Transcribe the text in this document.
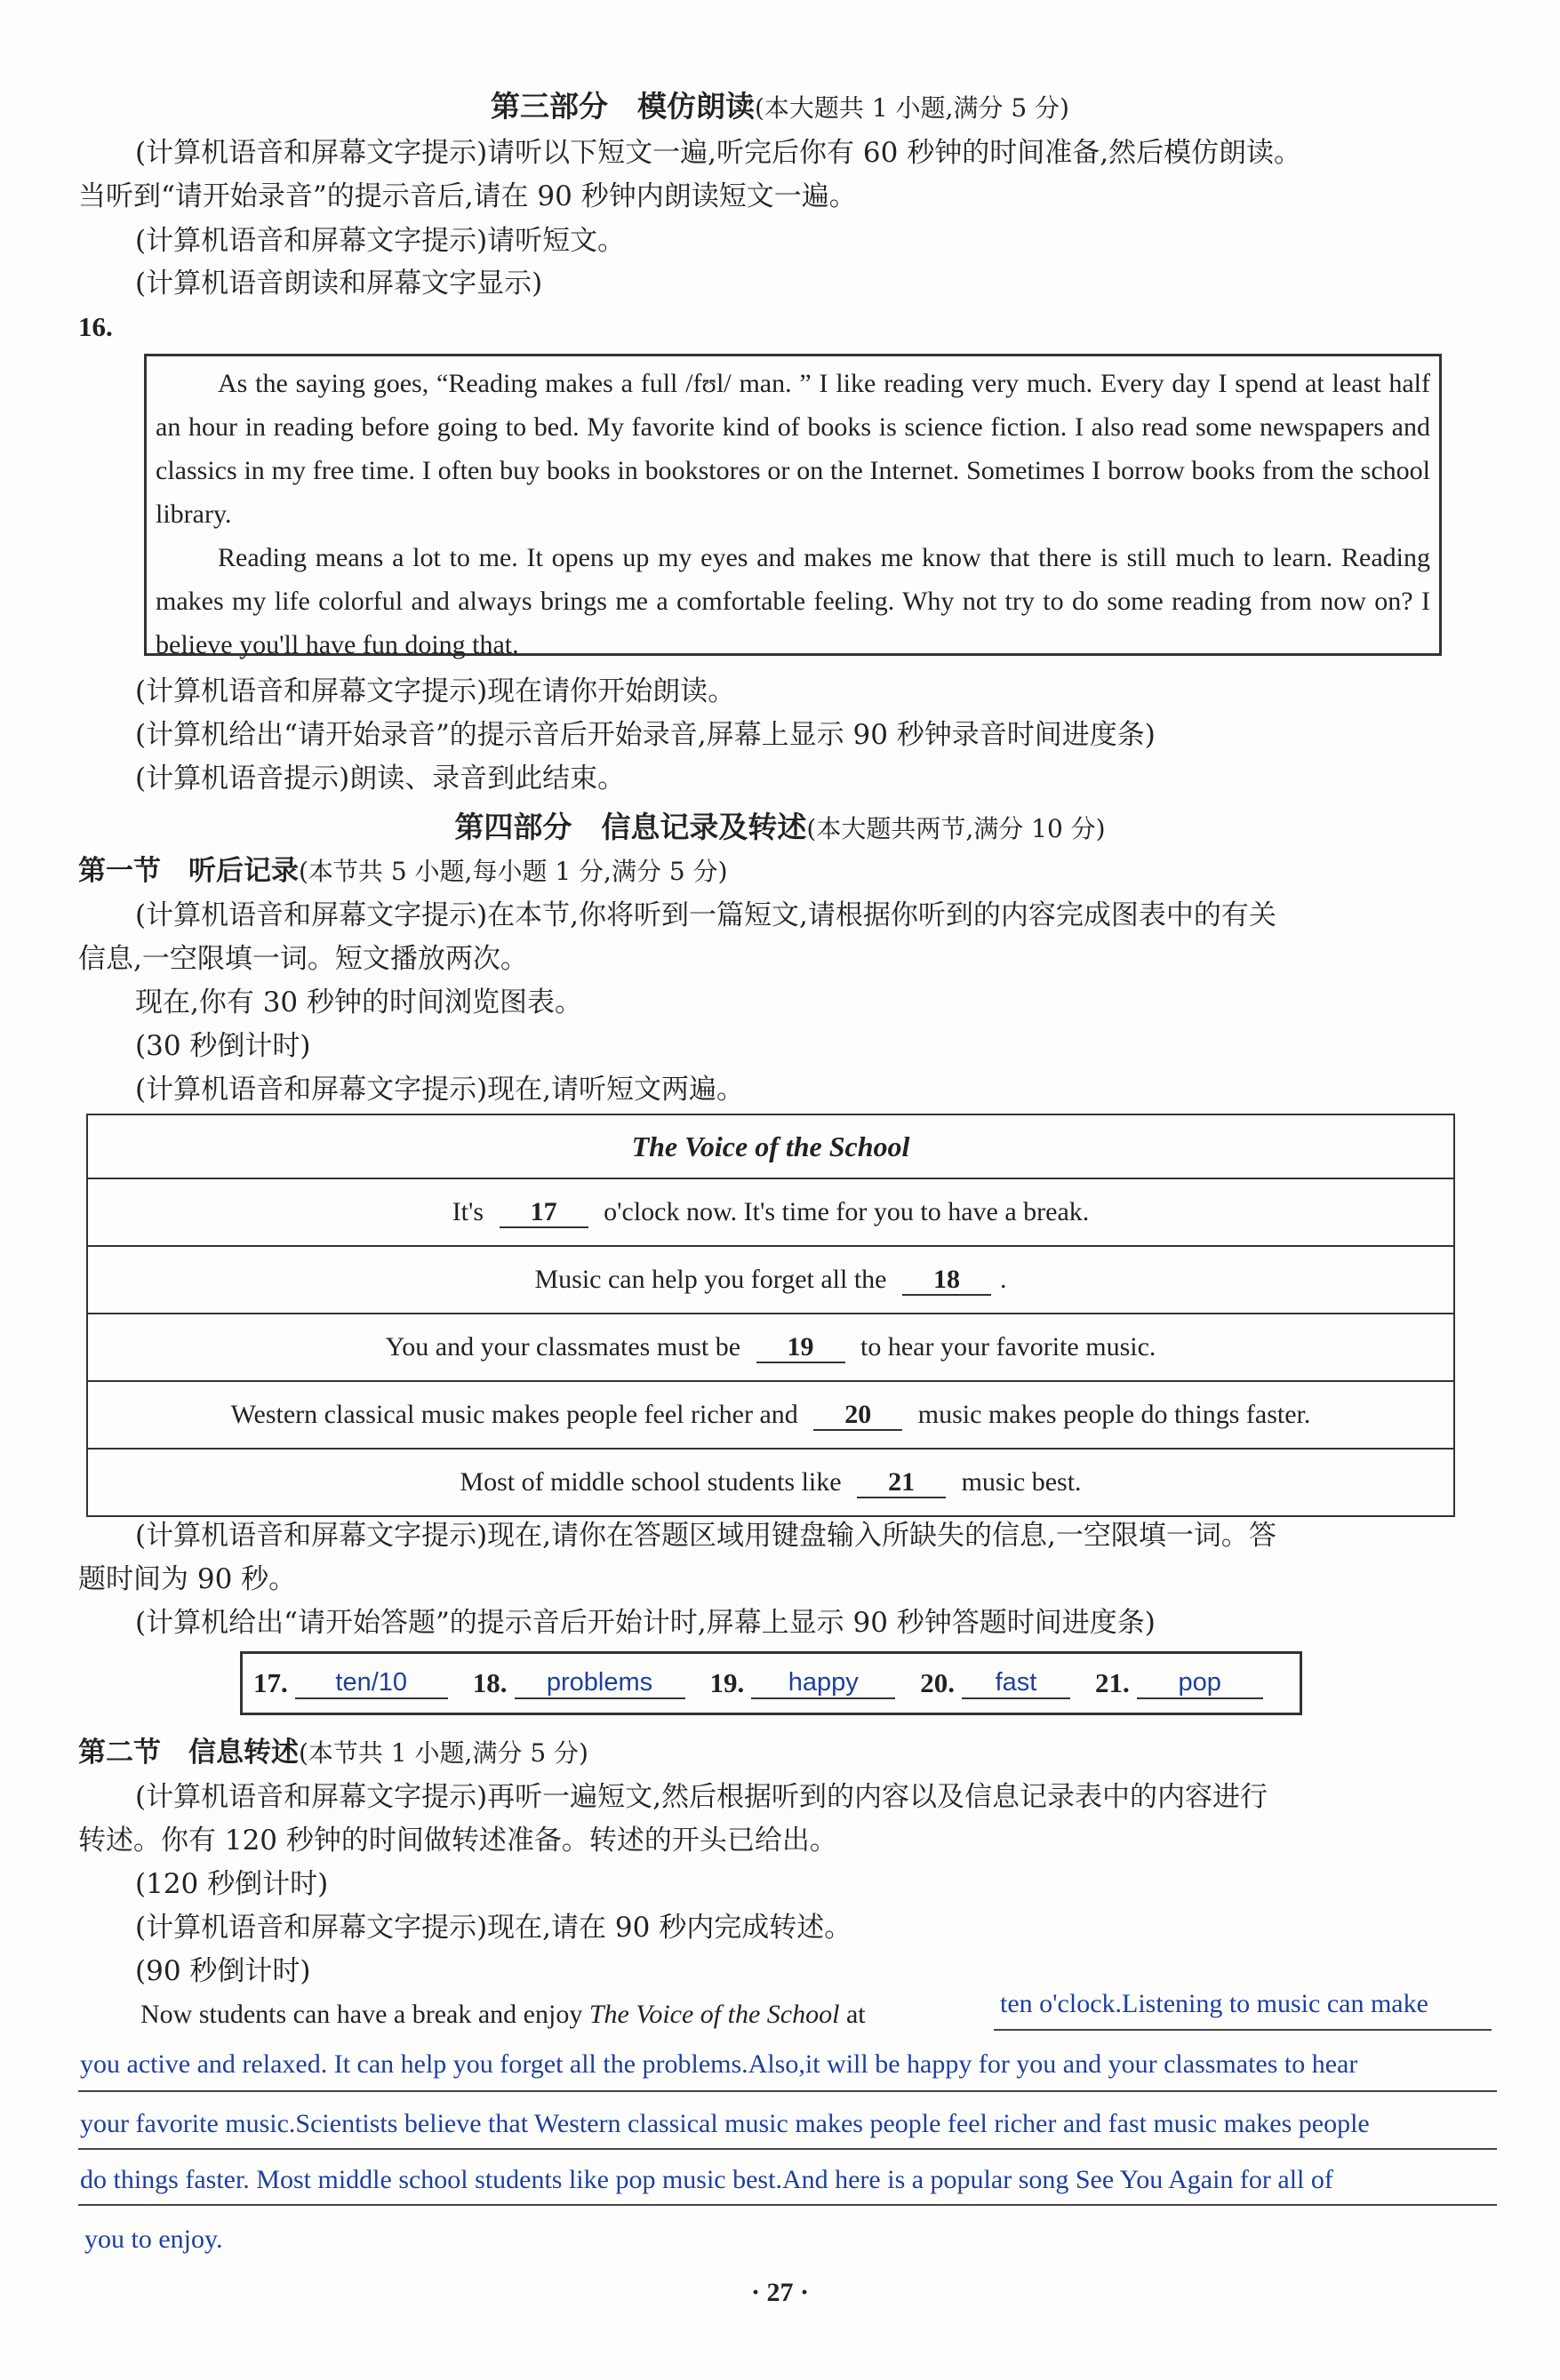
第三部分　模仿朗读(本大题共 1 小题,满分 5 分)
(计算机语音和屏幕文字提示)请听以下短文一遍,听完后你有 60 秒钟的时间准备,然后模仿朗读。
当听到“请开始录音”的提示音后,请在 90 秒钟内朗读短文一遍。
(计算机语音和屏幕文字提示)请听短文。
(计算机语音朗读和屏幕文字显示)
16.

As the saying goes, “Reading makes a full /fʊl/ man. ” I like reading very much. Every day I spend at least half an hour in reading before going to bed. My favorite kind of books is science fiction. I also read some newspapers and classics in my free time. I often buy books in bookstores or on the Internet. Sometimes I borrow books from the school library.

Reading means a lot to me. It opens up my eyes and makes me know that there is still much to learn. Reading makes my life colorful and always brings me a comfortable feeling. Why not try to do some reading from now on? I believe you'll have fun doing that.

(计算机语音和屏幕文字提示)现在请你开始朗读。
(计算机给出“请开始录音”的提示音后开始录音,屏幕上显示 90 秒钟录音时间进度条)
(计算机语音提示)朗读、录音到此结束。
第四部分　信息记录及转述(本大题共两节,满分 10 分)
第一节　听后记录(本节共 5 小题,每小题 1 分,满分 5 分)
(计算机语音和屏幕文字提示)在本节,你将听到一篇短文,请根据你听到的内容完成图表中的有关
信息,一空限填一词。短文播放两次。
现在,你有 30 秒钟的时间浏览图表。
(30 秒倒计时)
(计算机语音和屏幕文字提示)现在,请听短文两遍。
The Voice of the School
It's 17 o'clock now. It's time for you to have a break.
Music can help you forget all the 18 .
You and your classmates must be 19 to hear your favorite music.
Western classical music makes people feel richer and 20 music makes people do things faster.
Most of middle school students like 21 music best.
(计算机语音和屏幕文字提示)现在,请你在答题区域用键盘输入所缺失的信息,一空限填一词。答
题时间为 90 秒。
(计算机给出“请开始答题”的提示音后开始计时,屏幕上显示 90 秒钟答题时间进度条)
17.	ten/10	18.	problems	19.	happy	20.	fast	21.	pop
第二节　信息转述(本节共 1 小题,满分 5 分)
(计算机语音和屏幕文字提示)再听一遍短文,然后根据听到的内容以及信息记录表中的内容进行
转述。你有 120 秒钟的时间做转述准备。转述的开头已给出。
(120 秒倒计时)
(计算机语音和屏幕文字提示)现在,请在 90 秒内完成转述。
(90 秒倒计时)
Now students can have a break and enjoy The Voice of the School at	ten o'clock.Listening to music can make
you active and relaxed. It can help you forget all the problems.Also,it will be happy for you and your classmates to hear
your favorite music.Scientists believe that Western classical music makes people feel richer and fast music makes people
do things faster. Most middle school students like pop music best.And here is a popular song See You Again for all of
you to enjoy.
· 27 ·
